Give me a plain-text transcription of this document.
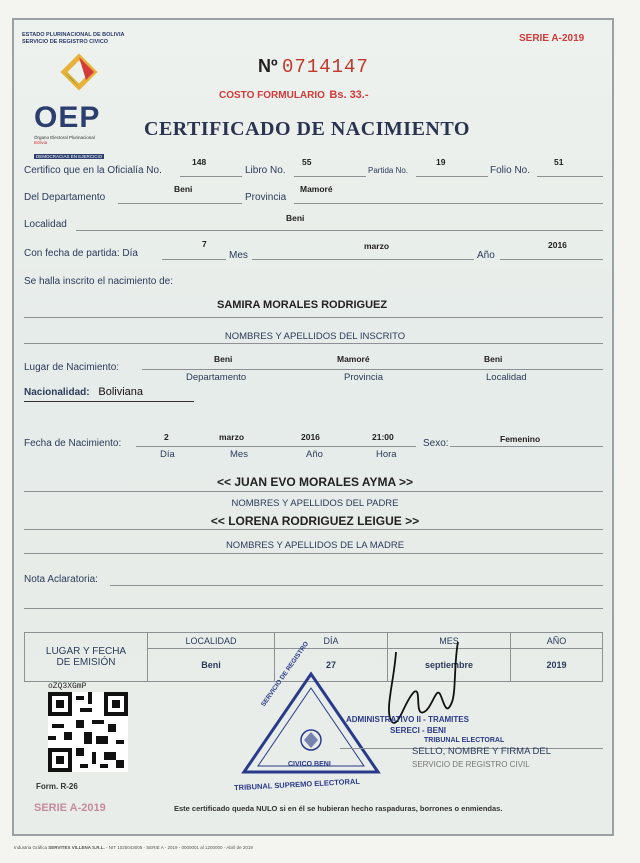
ESTADO PLURINACIONAL DE BOLIVIA
SERVICIO DE REGISTRO CIVICO	SERIE A-2019
OEP
Órgano Electoral Plurinacional
Bolivia
DEMOCRACIAS EN EJERCICIO
Nº 0714147
COSTO FORMULARIO Bs. 33.-
CERTIFICADO DE NACIMIENTO
Certifico que en la Oficialía No.
148
Libro No.
55
Partida No.
19
Folio No.
51
Del Departamento
Beni
Provincia
Mamoré
Localidad
Beni
Con fecha de partida: Día
7
Mes
marzo
Año
2016
Se halla inscrito el nacimiento de:
SAMIRA MORALES RODRIGUEZ
NOMBRES Y APELLIDOS DEL INSCRITO
Lugar de Nacimiento:
Beni	Mamoré	Beni
Departamento	Provincia	Localidad
Nacionalidad: Boliviana
Fecha de Nacimiento:
2	marzo	2016	21:00
Día	Mes	Año	Hora
Sexo:	Femenino
<< JUAN EVO MORALES AYMA >>
NOMBRES Y APELLIDOS DEL PADRE
<< LORENA RODRIGUEZ LEIGUE >>
NOMBRES Y APELLIDOS DE LA MADRE
Nota Aclaratoria:
LUGAR Y FECHA
DE EMISIÓN	LOCALIDAD	DÍA	MES	AÑO
	Beni	27	septiembre	2019
oZQ3XGmP	SERVICIO DE REGISTRO
CIVICO BENI
TRIBUNAL SUPREMO ELECTORAL
ADMINISTRATIVO II - TRAMITES
SERECI - BENI
TRIBUNAL ELECTORAL
SELLO, NOMBRE Y FIRMA DEL
SERVICIO DE REGISTRO CIVIL
Form. R-26
SERIE A-2019	Este certificado queda NULO si en él se hubieran hecho raspaduras, borrones o enmiendas.
Industria Gráfica SERVITEX VILLENA S.R.L. - NIT 1025043005 - SERIE A - 2019 - 0000001 al 1200000 - Abril de 2019
